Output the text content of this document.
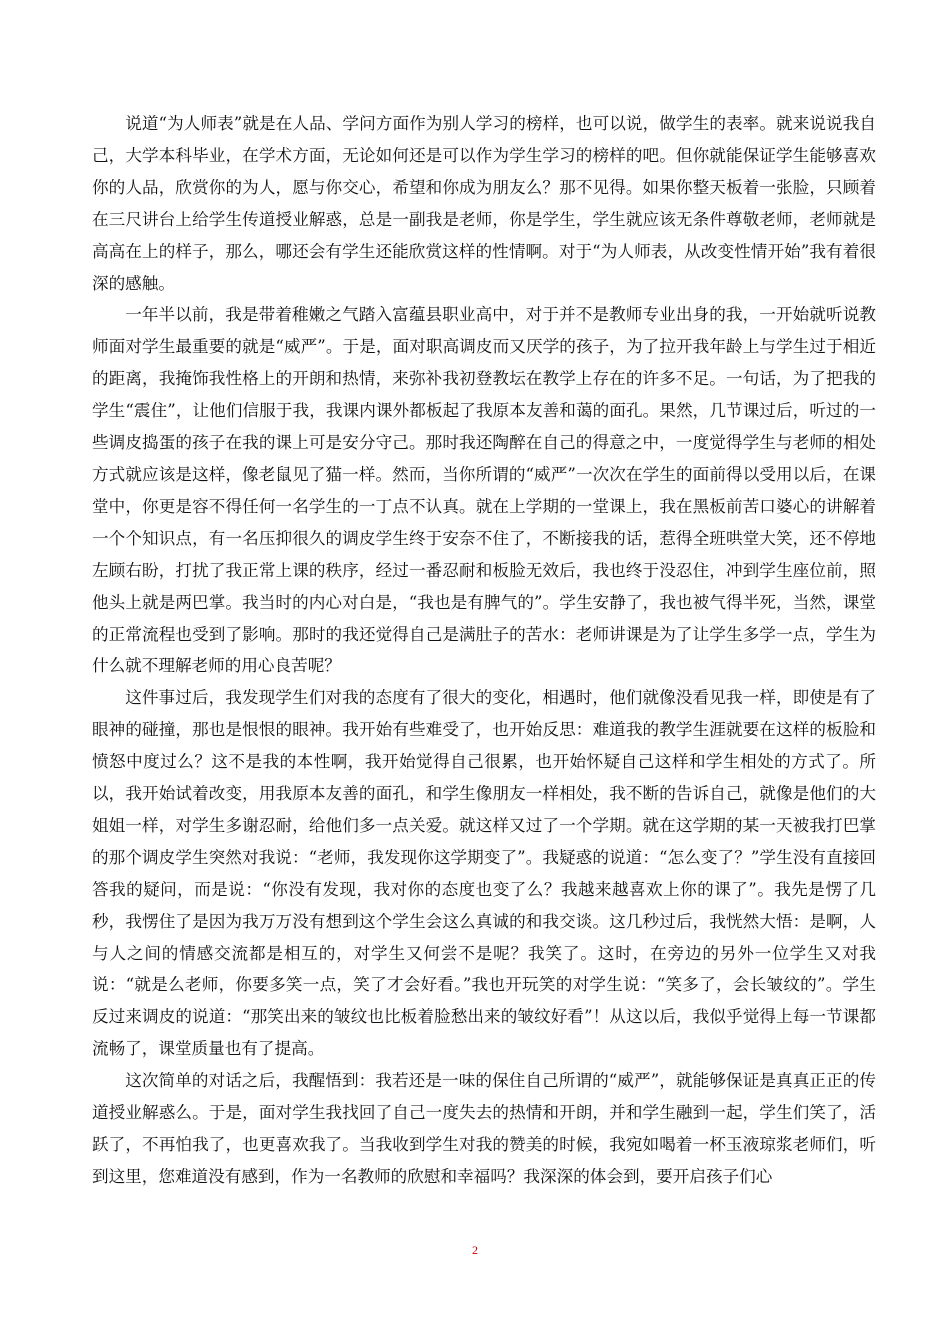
说道“为人师表”就是在人品、学问方面作为别人学习的榜样，也可以说，做学生的表率。就来说说我自己，大学本科毕业，在学术方面，无论如何还是可以作为学生学习的榜样的吧。但你就能保证学生能够喜欢你的人品，欣赏你的为人，愿与你交心，希望和你成为朋友么？那不见得。如果你整天板着一张脸，只顾着在三尺讲台上给学生传道授业解惑，总是一副我是老师，你是学生，学生就应该无条件尊敬老师，老师就是高高在上的样子，那么，哪还会有学生还能欣赏这样的性情啊。对于“为人师表，从改变性情开始”我有着很深的感触。

一年半以前，我是带着稚嫩之气踏入富蕴县职业高中，对于并不是教师专业出身的我，一开始就听说教师面对学生最重要的就是“威严”。于是，面对职高调皮而又厌学的孩子，为了拉开我年龄上与学生过于相近的距离，我掩饰我性格上的开朗和热情，来弥补我初登教坛在教学上存在的许多不足。一句话，为了把我的学生“震住”，让他们信服于我，我课内课外都板起了我原本友善和蔼的面孔。果然，几节课过后，听过的一些调皮捣蛋的孩子在我的课上可是安分守己。那时我还陶醉在自己的得意之中，一度觉得学生与老师的相处方式就应该是这样，像老鼠见了猫一样。然而，当你所谓的“威严”一次次在学生的面前得以受用以后，在课堂中，你更是容不得任何一名学生的一丁点不认真。就在上学期的一堂课上，我在黑板前苦口婆心的讲解着一个个知识点，有一名压抑很久的调皮学生终于安奈不住了，不断接我的话，惹得全班哄堂大笑，还不停地左顾右盼，打扰了我正常上课的秩序，经过一番忍耐和板脸无效后，我也终于没忍住，冲到学生座位前，照他头上就是两巴掌。我当时的内心对白是，“我也是有脾气的”。学生安静了，我也被气得半死，当然，课堂的正常流程也受到了影响。那时的我还觉得自己是满肚子的苦水：老师讲课是为了让学生多学一点，学生为什么就不理解老师的用心良苦呢？

这件事过后，我发现学生们对我的态度有了很大的变化，相遇时，他们就像没看见我一样，即使是有了眼神的碰撞，那也是恨恨的眼神。我开始有些难受了，也开始反思：难道我的教学生涯就要在这样的板脸和愤怒中度过么？这不是我的本性啊，我开始觉得自己很累，也开始怀疑自己这样和学生相处的方式了。所以，我开始试着改变，用我原本友善的面孔，和学生像朋友一样相处，我不断的告诉自己，就像是他们的大姐姐一样，对学生多谢忍耐，给他们多一点关爱。就这样又过了一个学期。就在这学期的某一天被我打巴掌的那个调皮学生突然对我说：“老师，我发现你这学期变了”。我疑惑的说道：“怎么变了？”学生没有直接回答我的疑问，而是说：“你没有发现，我对你的态度也变了么？我越来越喜欢上你的课了”。我先是愣了几秒，我愣住了是因为我万万没有想到这个学生会这么真诚的和我交谈。这几秒过后，我恍然大悟：是啊，人与人之间的情感交流都是相互的，对学生又何尝不是呢？我笑了。这时，在旁边的另外一位学生又对我说：“就是么老师，你要多笑一点，笑了才会好看。”我也开玩笑的对学生说：“笑多了，会长皱纹的”。学生反过来调皮的说道：“那笑出来的皱纹也比板着脸愁出来的皱纹好看”！从这以后，我似乎觉得上每一节课都流畅了，课堂质量也有了提高。

这次简单的对话之后，我醒悟到：我若还是一味的保住自己所谓的“威严”，就能够保证是真真正正的传道授业解惑么。于是，面对学生我找回了自己一度失去的热情和开朗，并和学生融到一起，学生们笑了，活跃了，不再怕我了，也更喜欢我了。当我收到学生对我的赞美的时候，我宛如喝着一杯玉液琼浆老师们，听到这里，您难道没有感到，作为一名教师的欣慰和幸福吗？我深深的体会到，要开启孩子们心

2
